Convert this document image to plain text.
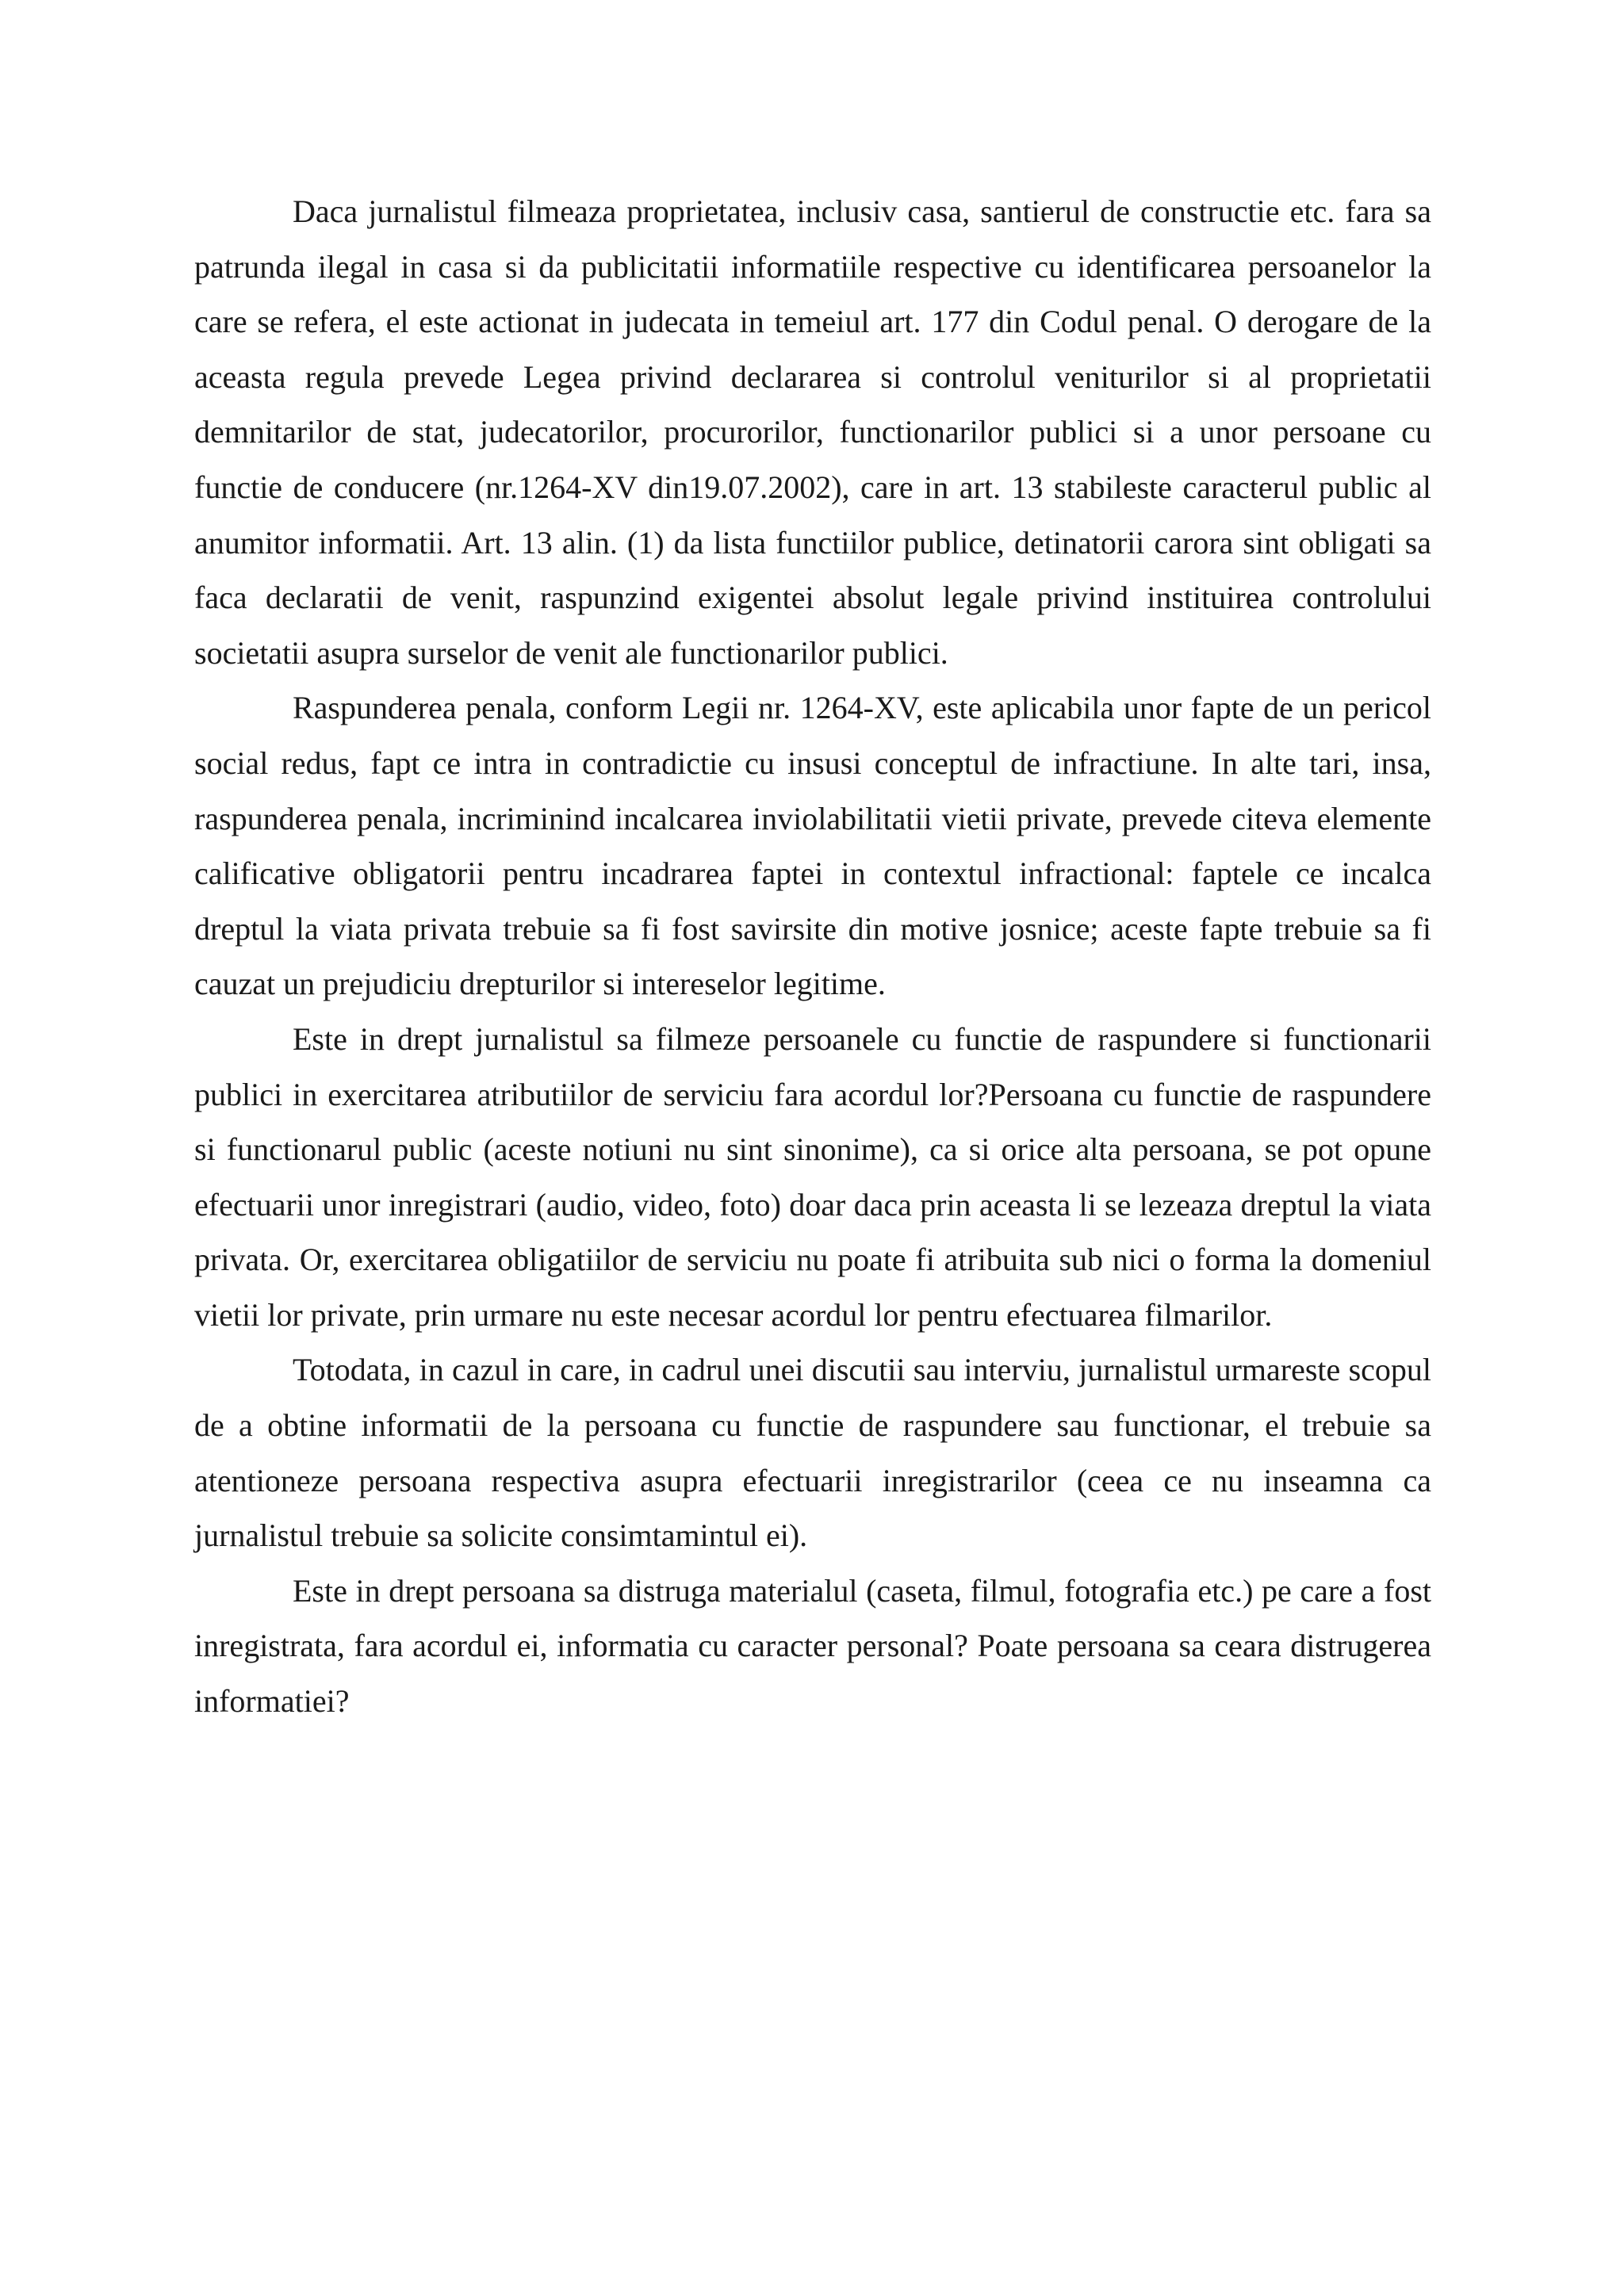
Daca jurnalistul filmeaza proprietatea, inclusiv casa, santierul de constructie etc. fara sa patrunda ilegal in casa si da publicitatii informatiile respective cu identificarea persoanelor la care se refera, el este actionat in judecata in temeiul art. 177 din Codul penal. O derogare de la aceasta regula prevede Legea privind declararea si controlul veniturilor si al proprietatii demnitarilor de stat, judecatorilor, procurorilor, functionarilor publici si a unor persoane cu functie de conducere (nr.1264-XV din19.07.2002), care in art. 13 stabileste caracterul public al anumitor informatii. Art. 13 alin. (1) da lista functiilor publice, detinatorii carora sint obligati sa faca declaratii de venit, raspunzind exigentei absolut legale privind instituirea controlului societatii asupra surselor de venit ale functionarilor publici.

Raspunderea penala, conform Legii nr. 1264-XV, este aplicabila unor fapte de un pericol social redus, fapt ce intra in contradictie cu insusi conceptul de infractiune. In alte tari, insa, raspunderea penala, incriminind incalcarea inviolabilitatii vietii private, prevede citeva elemente calificative obligatorii pentru incadrarea faptei in contextul infractional: faptele ce incalca dreptul la viata privata trebuie sa fi fost savirsite din motive josnice; aceste fapte trebuie sa fi cauzat un prejudiciu drepturilor si intereselor legitime.

Este in drept jurnalistul sa filmeze persoanele cu functie de raspundere si functionarii publici in exercitarea atributiilor de serviciu fara acordul lor?Persoana cu functie de raspundere si functionarul public (aceste notiuni nu sint sinonime), ca si orice alta persoana, se pot opune efectuarii unor inregistrari (audio, video, foto) doar daca prin aceasta li se lezeaza dreptul la viata privata. Or, exercitarea obligatiilor de serviciu nu poate fi atribuita sub nici o forma la domeniul vietii lor private, prin urmare nu este necesar acordul lor pentru efectuarea filmarilor.

Totodata, in cazul in care, in cadrul unei discutii sau interviu, jurnalistul urmareste scopul de a obtine informatii de la persoana cu functie de raspundere sau functionar, el trebuie sa atentioneze persoana respectiva asupra efectuarii inregistrarilor (ceea ce nu inseamna ca jurnalistul trebuie sa solicite consimtamintul ei).

Este in drept persoana sa distruga materialul (caseta, filmul, fotografia etc.) pe care a fost inregistrata, fara acordul ei, informatia cu caracter personal? Poate persoana sa ceara distrugerea informatiei?
